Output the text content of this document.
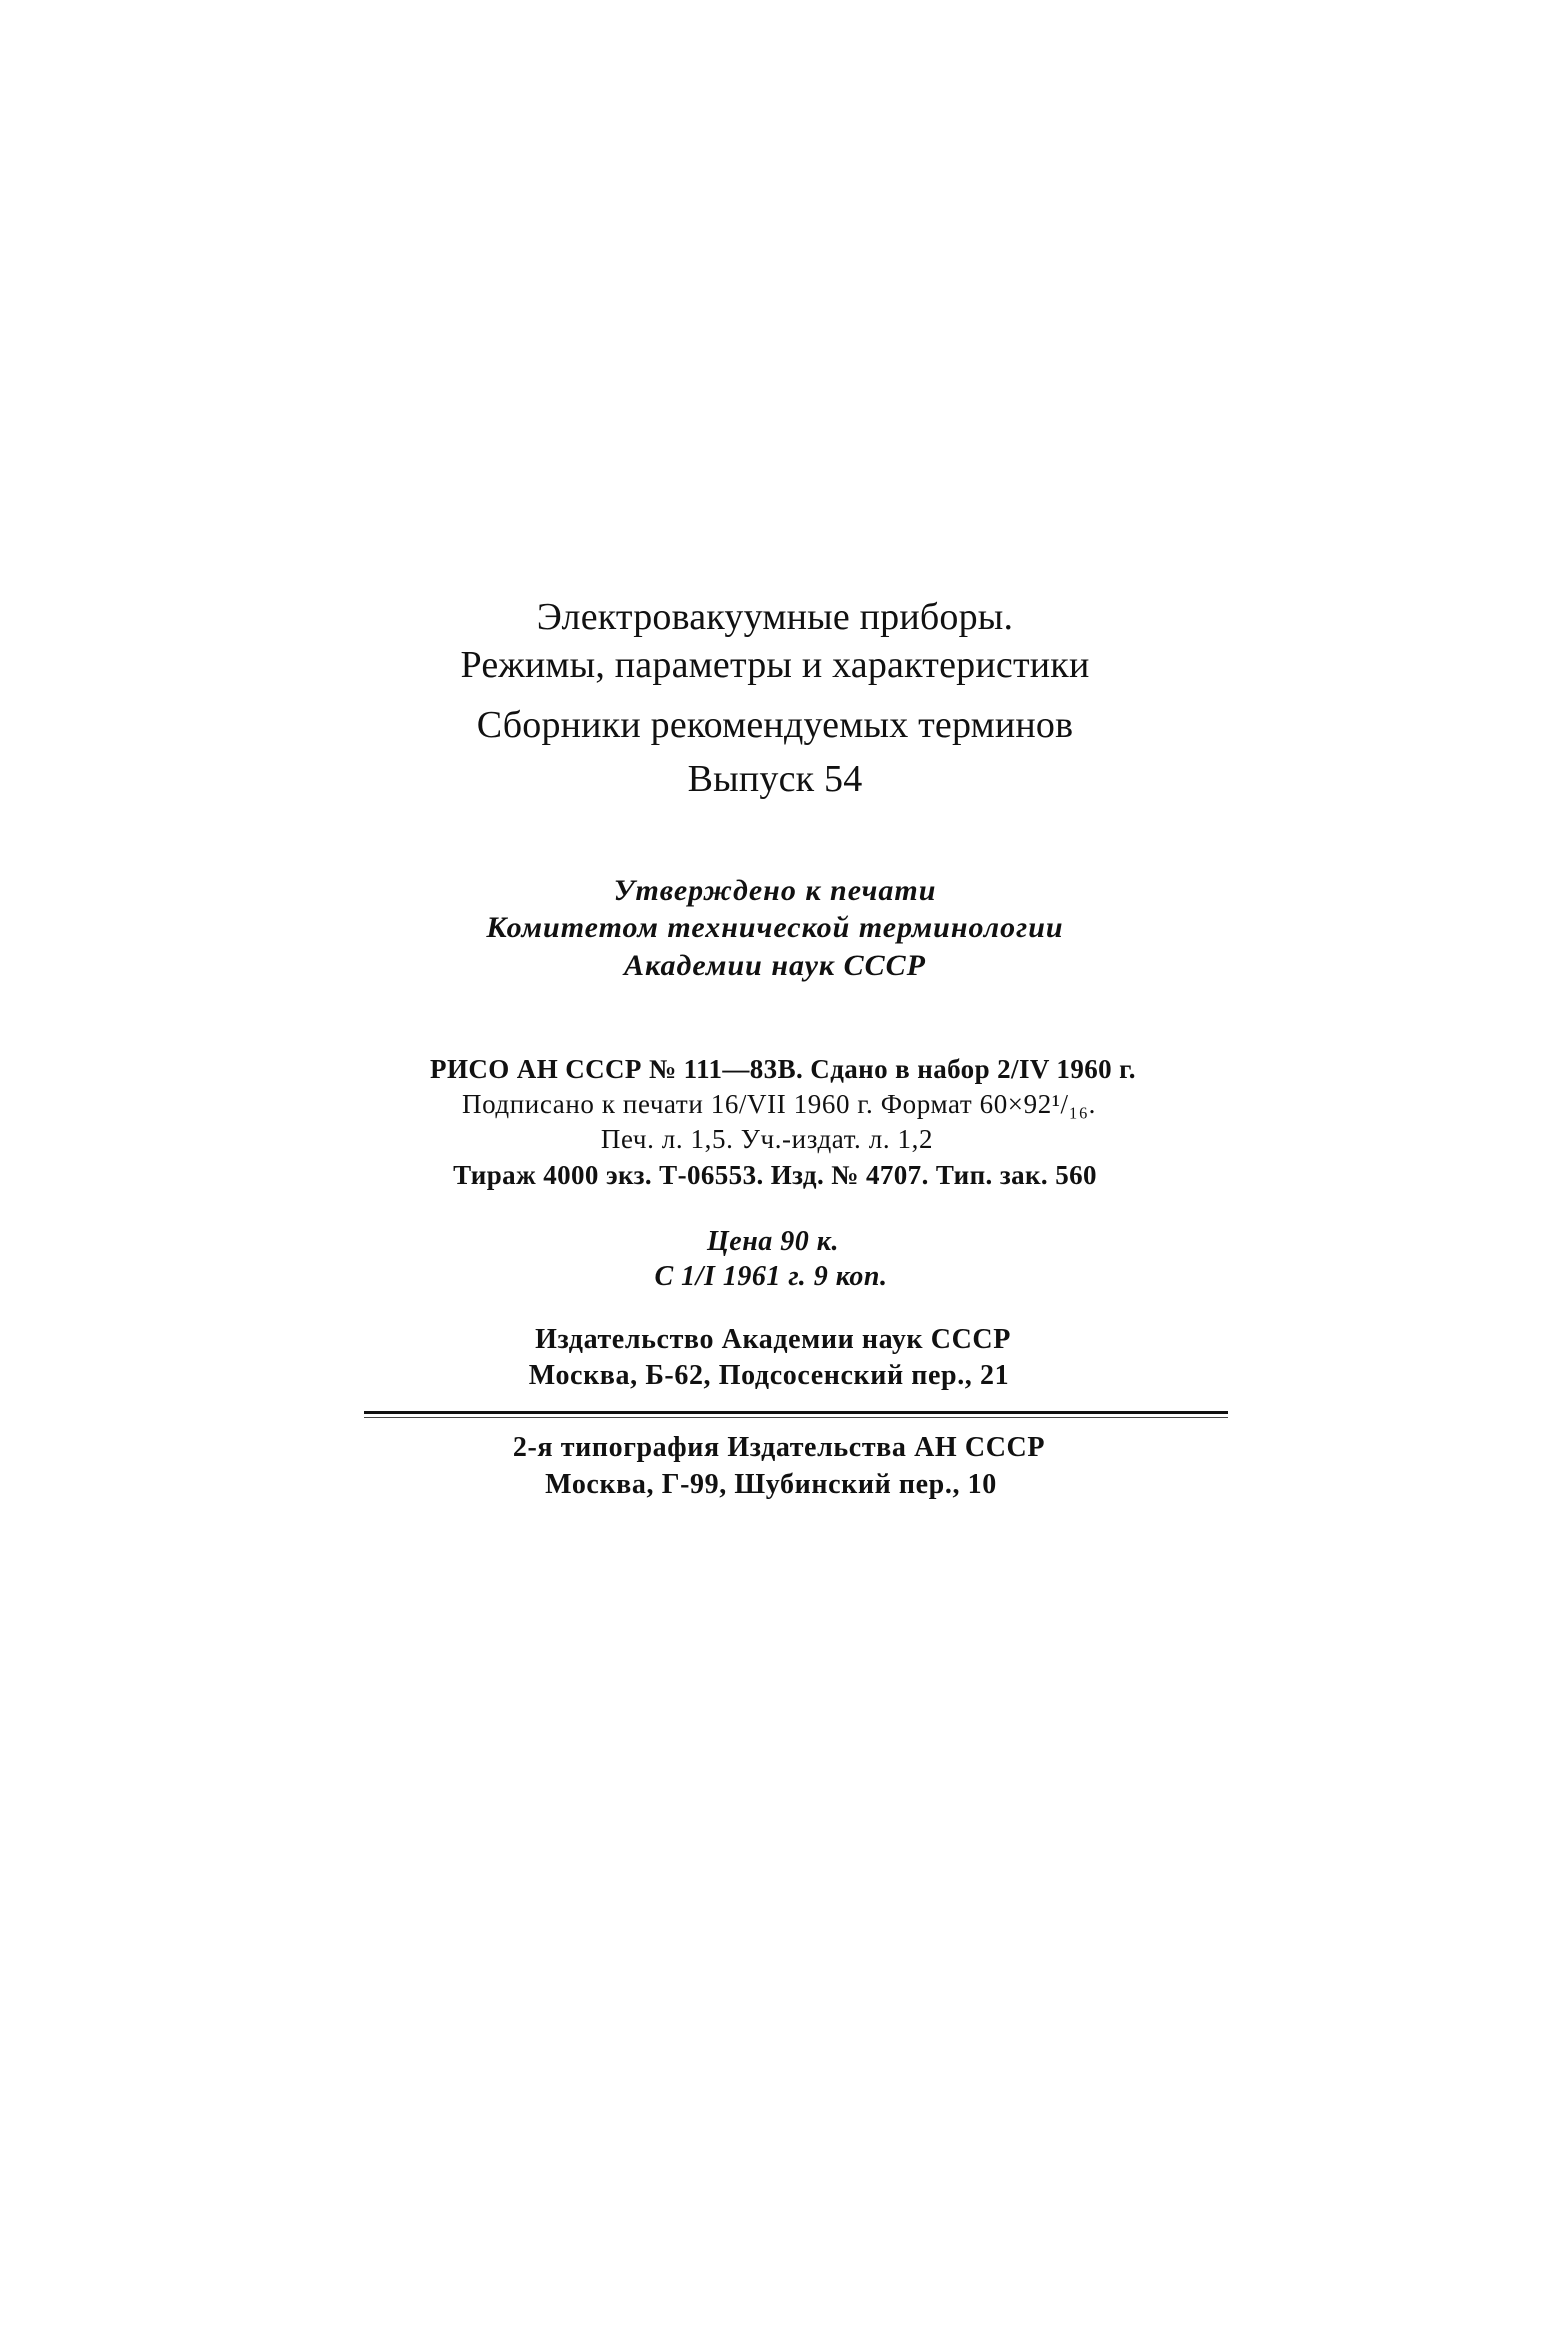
Электровакуумные приборы.
Режимы, параметры и характеристики
Сборники рекомендуемых терминов
Выпуск 54
Утверждено к печати
Комитетом технической терминологии
Академии наук СССР
РИСО АН СССР № 111—83В. Сдано в набор 2/IV 1960 г.
Подписано к печати 16/VII 1960 г. Формат 60×92¹/₁₆.
Печ. л. 1,5. Уч.-издат. л. 1,2
Тираж 4000 экз. Т-06553. Изд. № 4707. Тип. зак. 560
Цена 90 к.
С 1/I 1961 г. 9 коп.
Издательство Академии наук СССР
Москва, Б-62, Подсосенский пер., 21
2-я типография Издательства АН СССР
Москва, Г-99, Шубинский пер., 10
